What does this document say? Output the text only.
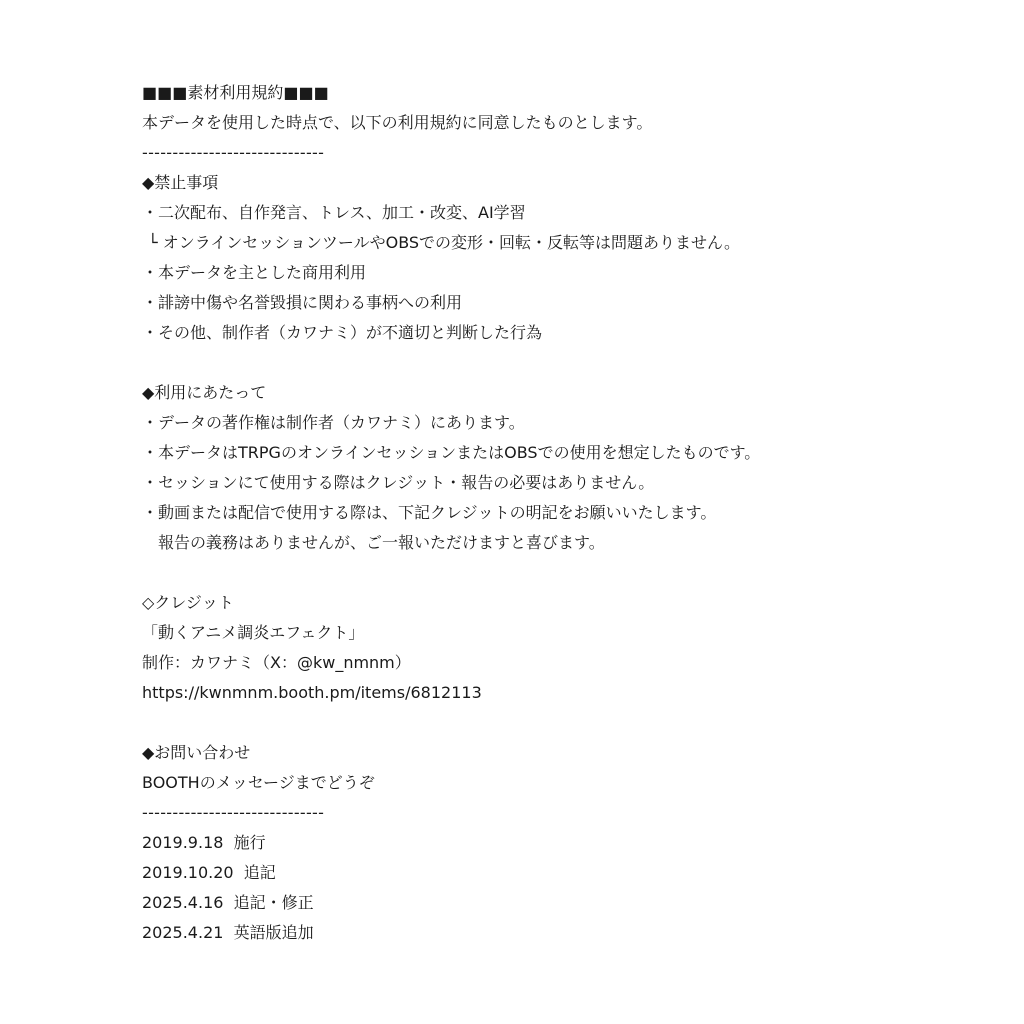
■■■素材利用規約■■■
本データを使用した時点で、以下の利用規約に同意したものとします。
------------------------------
◆禁止事項
・二次配布、自作発言、トレス、加工・改変、AI学習
└ オンラインセッションツールやOBSでの変形・回転・反転等は問題ありません。
・本データを主とした商用利用
・誹謗中傷や名誉毀損に関わる事柄への利用
・その他、制作者（カワナミ）が不適切と判断した行為
◆利用にあたって
・データの著作権は制作者（カワナミ）にあります。
・本データはTRPGのオンラインセッションまたはOBSでの使用を想定したものです。
・セッションにて使用する際はクレジット・報告の必要はありません。
・動画または配信で使用する際は、下記クレジットの明記をお願いいたします。
　報告の義務はありませんが、ご一報いただけますと喜びます。
◇クレジット
「動くアニメ調炎エフェクト」
制作：カワナミ（X：@kw_nmnm）
https://kwnmnm.booth.pm/items/6812113
◆お問い合わせ
BOOTHのメッセージまでどうぞ
------------------------------
2019.9.18  施行
2019.10.20  追記
2025.4.16  追記・修正
2025.4.21  英語版追加
